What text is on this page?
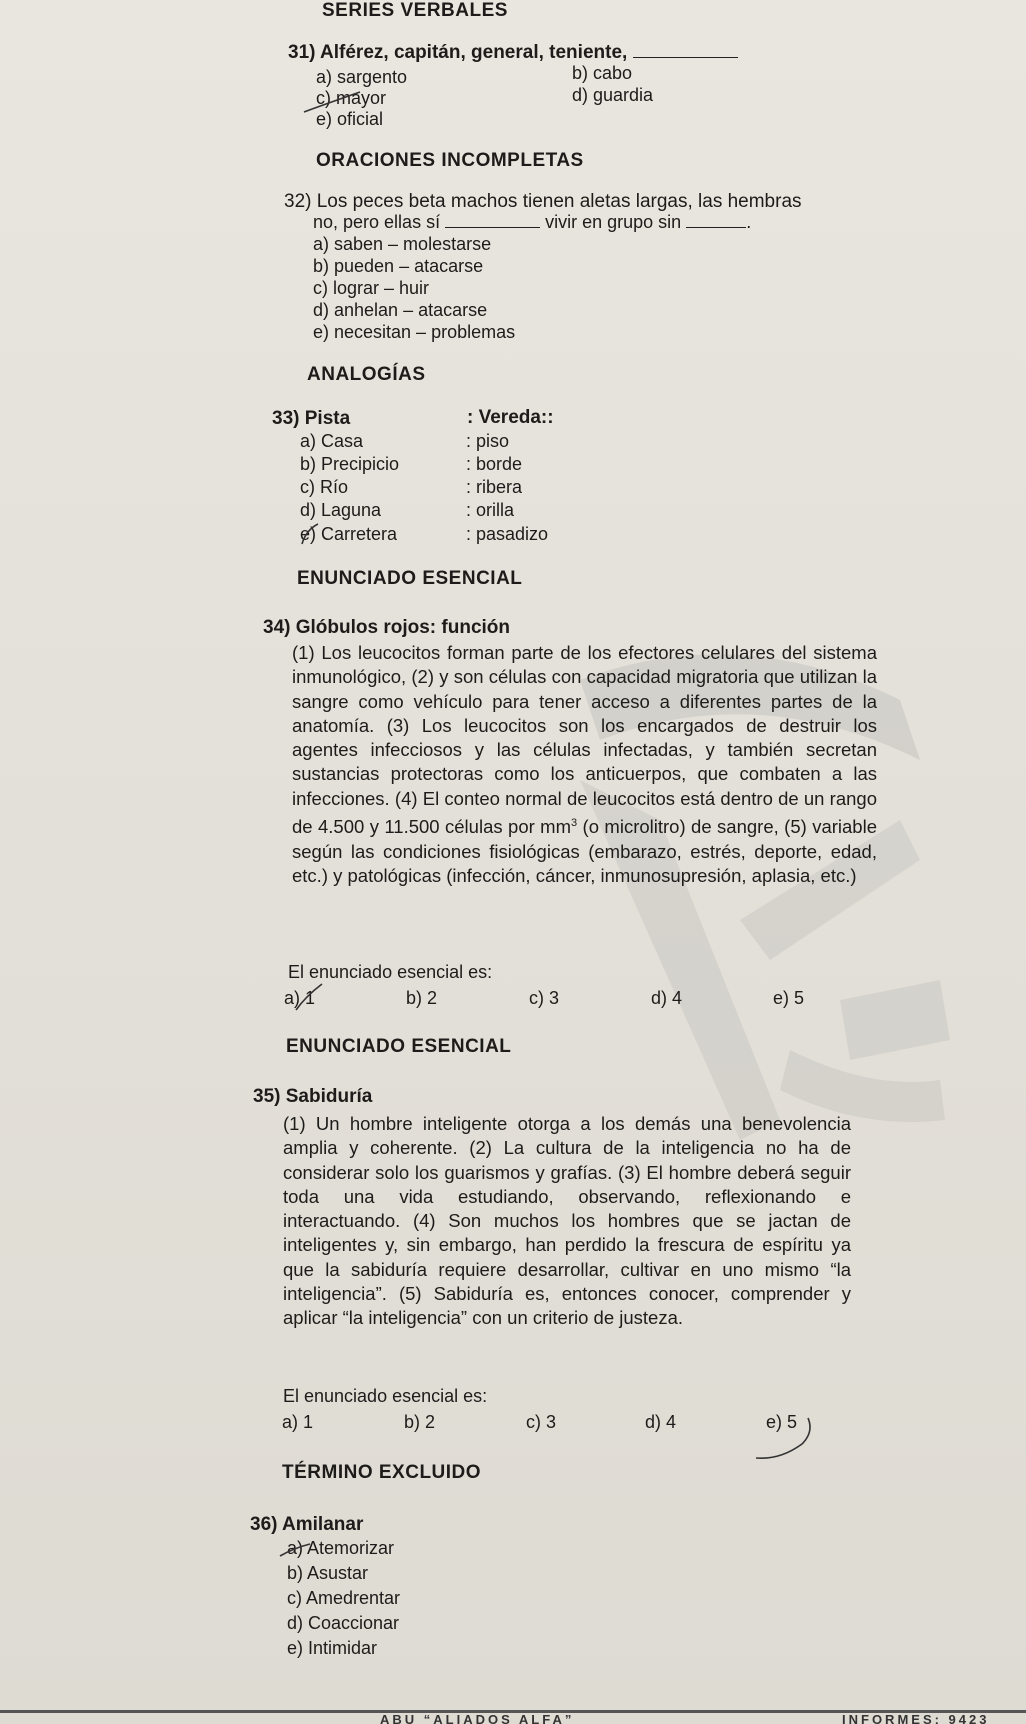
SERIES VERBALES
31) Alférez, capitán, general, teniente,
a) sargento	b) cabo
c) mayor	d) guardia
e) oficial
ORACIONES INCOMPLETAS
32) Los peces beta machos tienen aletas largas, las hembras
no, pero ellas sí	vivir en grupo sin	.
a) saben – molestarse
b) pueden – atacarse
c) lograr – huir
d) anhelan – atacarse
e) necesitan – problemas
ANALOGÍAS
33) Pista	: Vereda::
a) Casa	: piso
b) Precipicio	: borde
c) Río	: ribera
d) Laguna	: orilla
e) Carretera	: pasadizo
ENUNCIADO ESENCIAL
34) Glóbulos rojos: función
(1) Los leucocitos forman parte de los efectores celulares del sistema inmunológico, (2) y son células con capacidad migratoria que utilizan la sangre como vehículo para tener acceso a diferentes partes de la anatomía. (3) Los leucocitos son los encargados de destruir los agentes infecciosos y las células infectadas, y también secretan sustancias protectoras como los anticuerpos, que combaten a las infecciones. (4) El conteo normal de leucocitos está dentro de un rango de 4.500 y 11.500 células por $mm^3$ (o microlitro) de sangre, (5) variable según las condiciones fisiológicas (embarazo, estrés, deporte, edad, etc.) y patológicas (infección, cáncer, inmunosupresión, aplasia, etc.)
El enunciado esencial es:
a) 1	b) 2	c) 3	d) 4	e) 5
ENUNCIADO ESENCIAL
35) Sabiduría
(1) Un hombre inteligente otorga a los demás una benevolencia amplia y coherente. (2) La cultura de la inteligencia no ha de considerar solo los guarismos y grafías. (3) El hombre deberá seguir toda una vida estudiando, observando, reflexionando e interactuando. (4) Son muchos los hombres que se jactan de inteligentes y, sin embargo, han perdido la frescura de espíritu ya que la sabiduría requiere desarrollar, cultivar en uno mismo “la inteligencia”. (5) Sabiduría es, entonces conocer, comprender y aplicar “la inteligencia” con un criterio de justeza.
El enunciado esencial es:
a) 1	b) 2	c) 3	d) 4	e) 5
TÉRMINO EXCLUIDO
36) Amilanar
a) Atemorizar
b) Asustar
c) Amedrentar
d) Coaccionar
e) Intimidar
ABU “ALIADOS ALFA”	INFORMES: 9423
